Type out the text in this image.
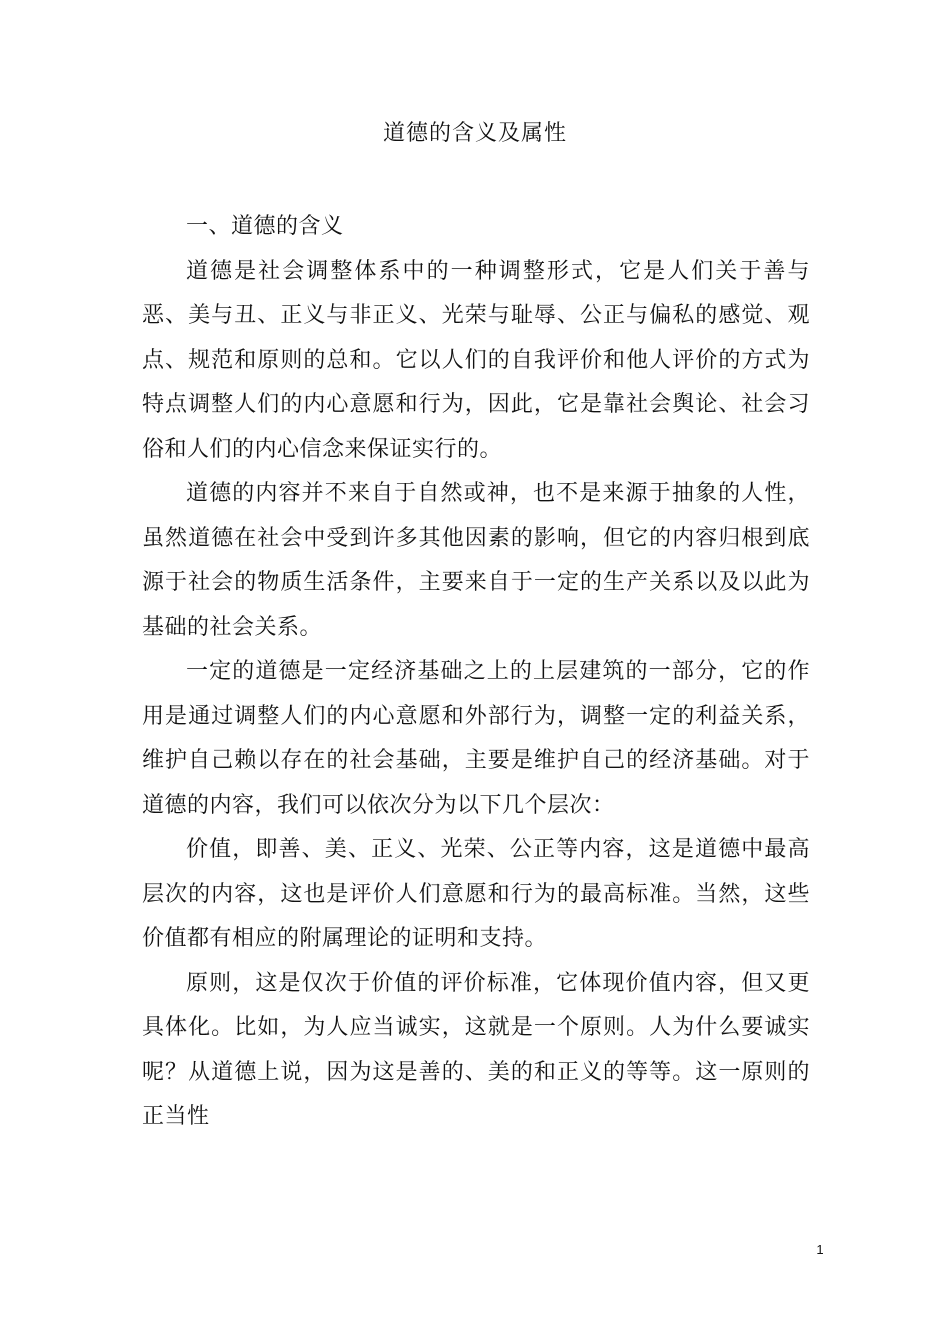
道德的含义及属性

一、道德的含义

道德是社会调整体系中的一种调整形式，它是人们关于善与恶、美与丑、正义与非正义、光荣与耻辱、公正与偏私的感觉、观点、规范和原则的总和。它以人们的自我评价和他人评价的方式为特点调整人们的内心意愿和行为，因此，它是靠社会舆论、社会习俗和人们的内心信念来保证实行的。

道德的内容并不来自于自然或神，也不是来源于抽象的人性，虽然道德在社会中受到许多其他因素的影响，但它的内容归根到底源于社会的物质生活条件，主要来自于一定的生产关系以及以此为基础的社会关系。

一定的道德是一定经济基础之上的上层建筑的一部分，它的作用是通过调整人们的内心意愿和外部行为，调整一定的利益关系，维护自己赖以存在的社会基础，主要是维护自己的经济基础。对于道德的内容，我们可以依次分为以下几个层次：

价值，即善、美、正义、光荣、公正等内容，这是道德中最高层次的内容，这也是评价人们意愿和行为的最高标准。当然，这些价值都有相应的附属理论的证明和支持。

原则，这是仅次于价值的评价标准，它体现价值内容，但又更具体化。比如，为人应当诚实，这就是一个原则。人为什么要诚实呢？从道德上说，因为这是善的、美的和正义的等等。这一原则的正当性

1
